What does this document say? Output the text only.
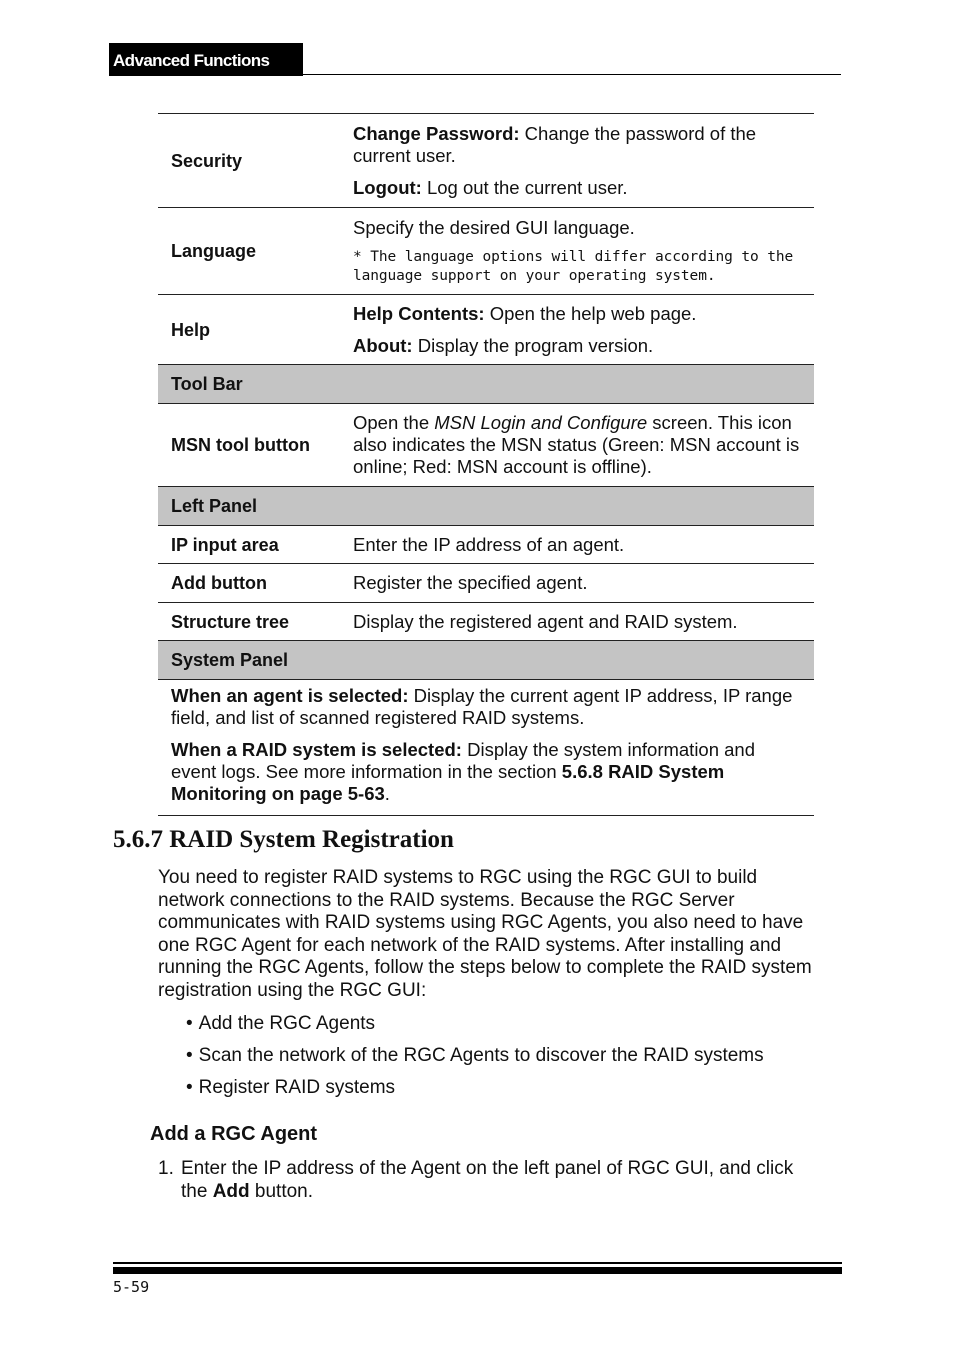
Advanced Functions
Security	Change Password: Change the password of the current user.

Logout: Log out the current user.

Language	Specify the desired GUI language.

* The language options will differ according to the language support on your operating system.

Help	Help Contents: Open the help web page.

About: Display the program version.

Tool Bar	
MSN tool button	Open the MSN Login and Configure screen. This icon also indicates the MSN status (Green: MSN account is online; Red: MSN account is offline).

Left Panel	
IP input area	Enter the IP address of an agent.
Add button	Register the specified agent.
Structure tree	Display the registered agent and RAID system.
System Panel	

When an agent is selected: Display the current agent IP address, IP range field, and list of scanned registered RAID systems.

When a RAID system is selected: Display the system information and event logs. See more information in the section 5.6.8 RAID System Monitoring on page 5-63.	

5.6.7 RAID System Registration
You need to register RAID systems to RGC using the RGC GUI to build network connections to the RAID systems. Because the RGC Server communicates with RAID systems using RGC Agents, you also need to have one RGC Agent for each network of the RAID systems. After installing and running the RGC Agents, follow the steps below to complete the RAID system registration using the RGC GUI:
• Add the RGC Agents
• Scan the network of the RGC Agents to discover the RAID systems
• Register RAID systems
Add a RGC Agent
1. Enter the IP address of the Agent on the left panel of RGC GUI, and click the Add button.
5-59
